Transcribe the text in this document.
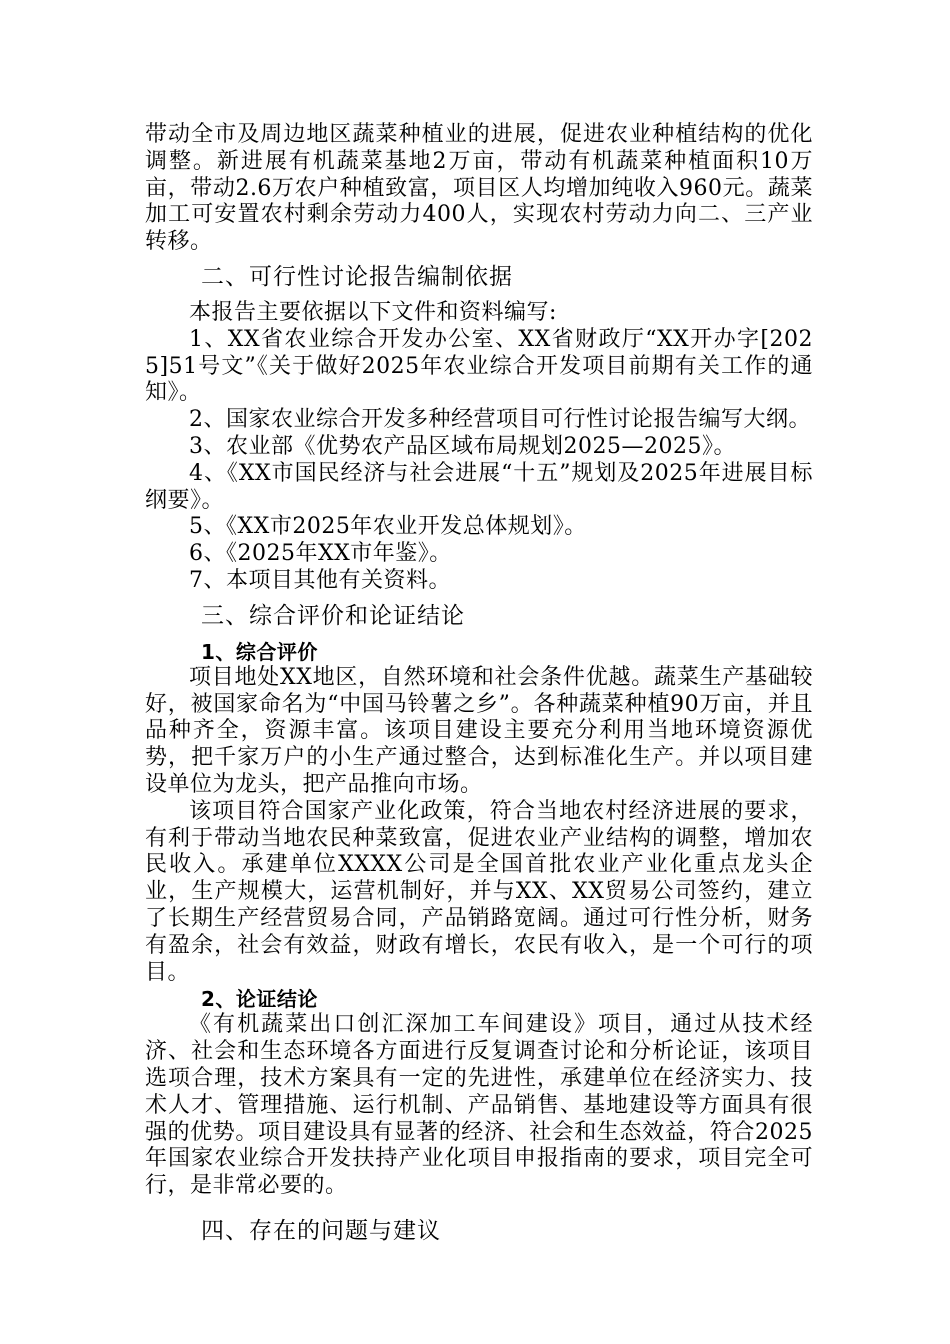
带动全市及周边地区蔬菜种植业的进展，促进农业种植结构的优化调整。新进展有机蔬菜基地2万亩，带动有机蔬菜种植面积10万亩，带动2.6万农户种植致富，项目区人均增加纯收入960元。蔬菜加工可安置农村剩余劳动力400人，实现农村劳动力向二、三产业转移。

二、可行性讨论报告编制依据

本报告主要依据以下文件和资料编写:

1、XX省农业综合开发办公室、XX省财政厅“XX开办字[2025]51号文”《关于做好2025年农业综合开发项目前期有关工作的通知》。

2、国家农业综合开发多种经营项目可行性讨论报告编写大纲。

3、农业部《优势农产品区域布局规划2025—2025》。

4、《XX市国民经济与社会进展“十五”规划及2025年进展目标纲要》。

5、《XX市2025年农业开发总体规划》。

6、《2025年XX市年鉴》。

7、本项目其他有关资料。

三、综合评价和论证结论
1、综合评价

项目地处XX地区，自然环境和社会条件优越。蔬菜生产基础较好，被国家命名为“中国马铃薯之乡”。各种蔬菜种植90万亩，并且品种齐全，资源丰富。该项目建设主要充分利用当地环境资源优势，把千家万户的小生产通过整合，达到标准化生产。并以项目建设单位为龙头，把产品推向市场。

该项目符合国家产业化政策，符合当地农村经济进展的要求，有利于带动当地农民种菜致富，促进农业产业结构的调整，增加农民收入。承建单位XXXX公司是全国首批农业产业化重点龙头企业，生产规模大，运营机制好，并与XX、XX贸易公司签约，建立了长期生产经营贸易合同，产品销路宽阔。通过可行性分析，财务有盈余，社会有效益，财政有增长，农民有收入，是一个可行的项目。

2、论证结论

《有机蔬菜出口创汇深加工车间建设》项目，通过从技术经济、社会和生态环境各方面进行反复调查讨论和分析论证，该项目选项合理，技术方案具有一定的先进性，承建单位在经济实力、技术人才、管理措施、运行机制、产品销售、基地建设等方面具有很强的优势。项目建设具有显著的经济、社会和生态效益，符合2025年国家农业综合开发扶持产业化项目申报指南的要求，项目完全可行，是非常必要的。

四、存在的问题与建议
